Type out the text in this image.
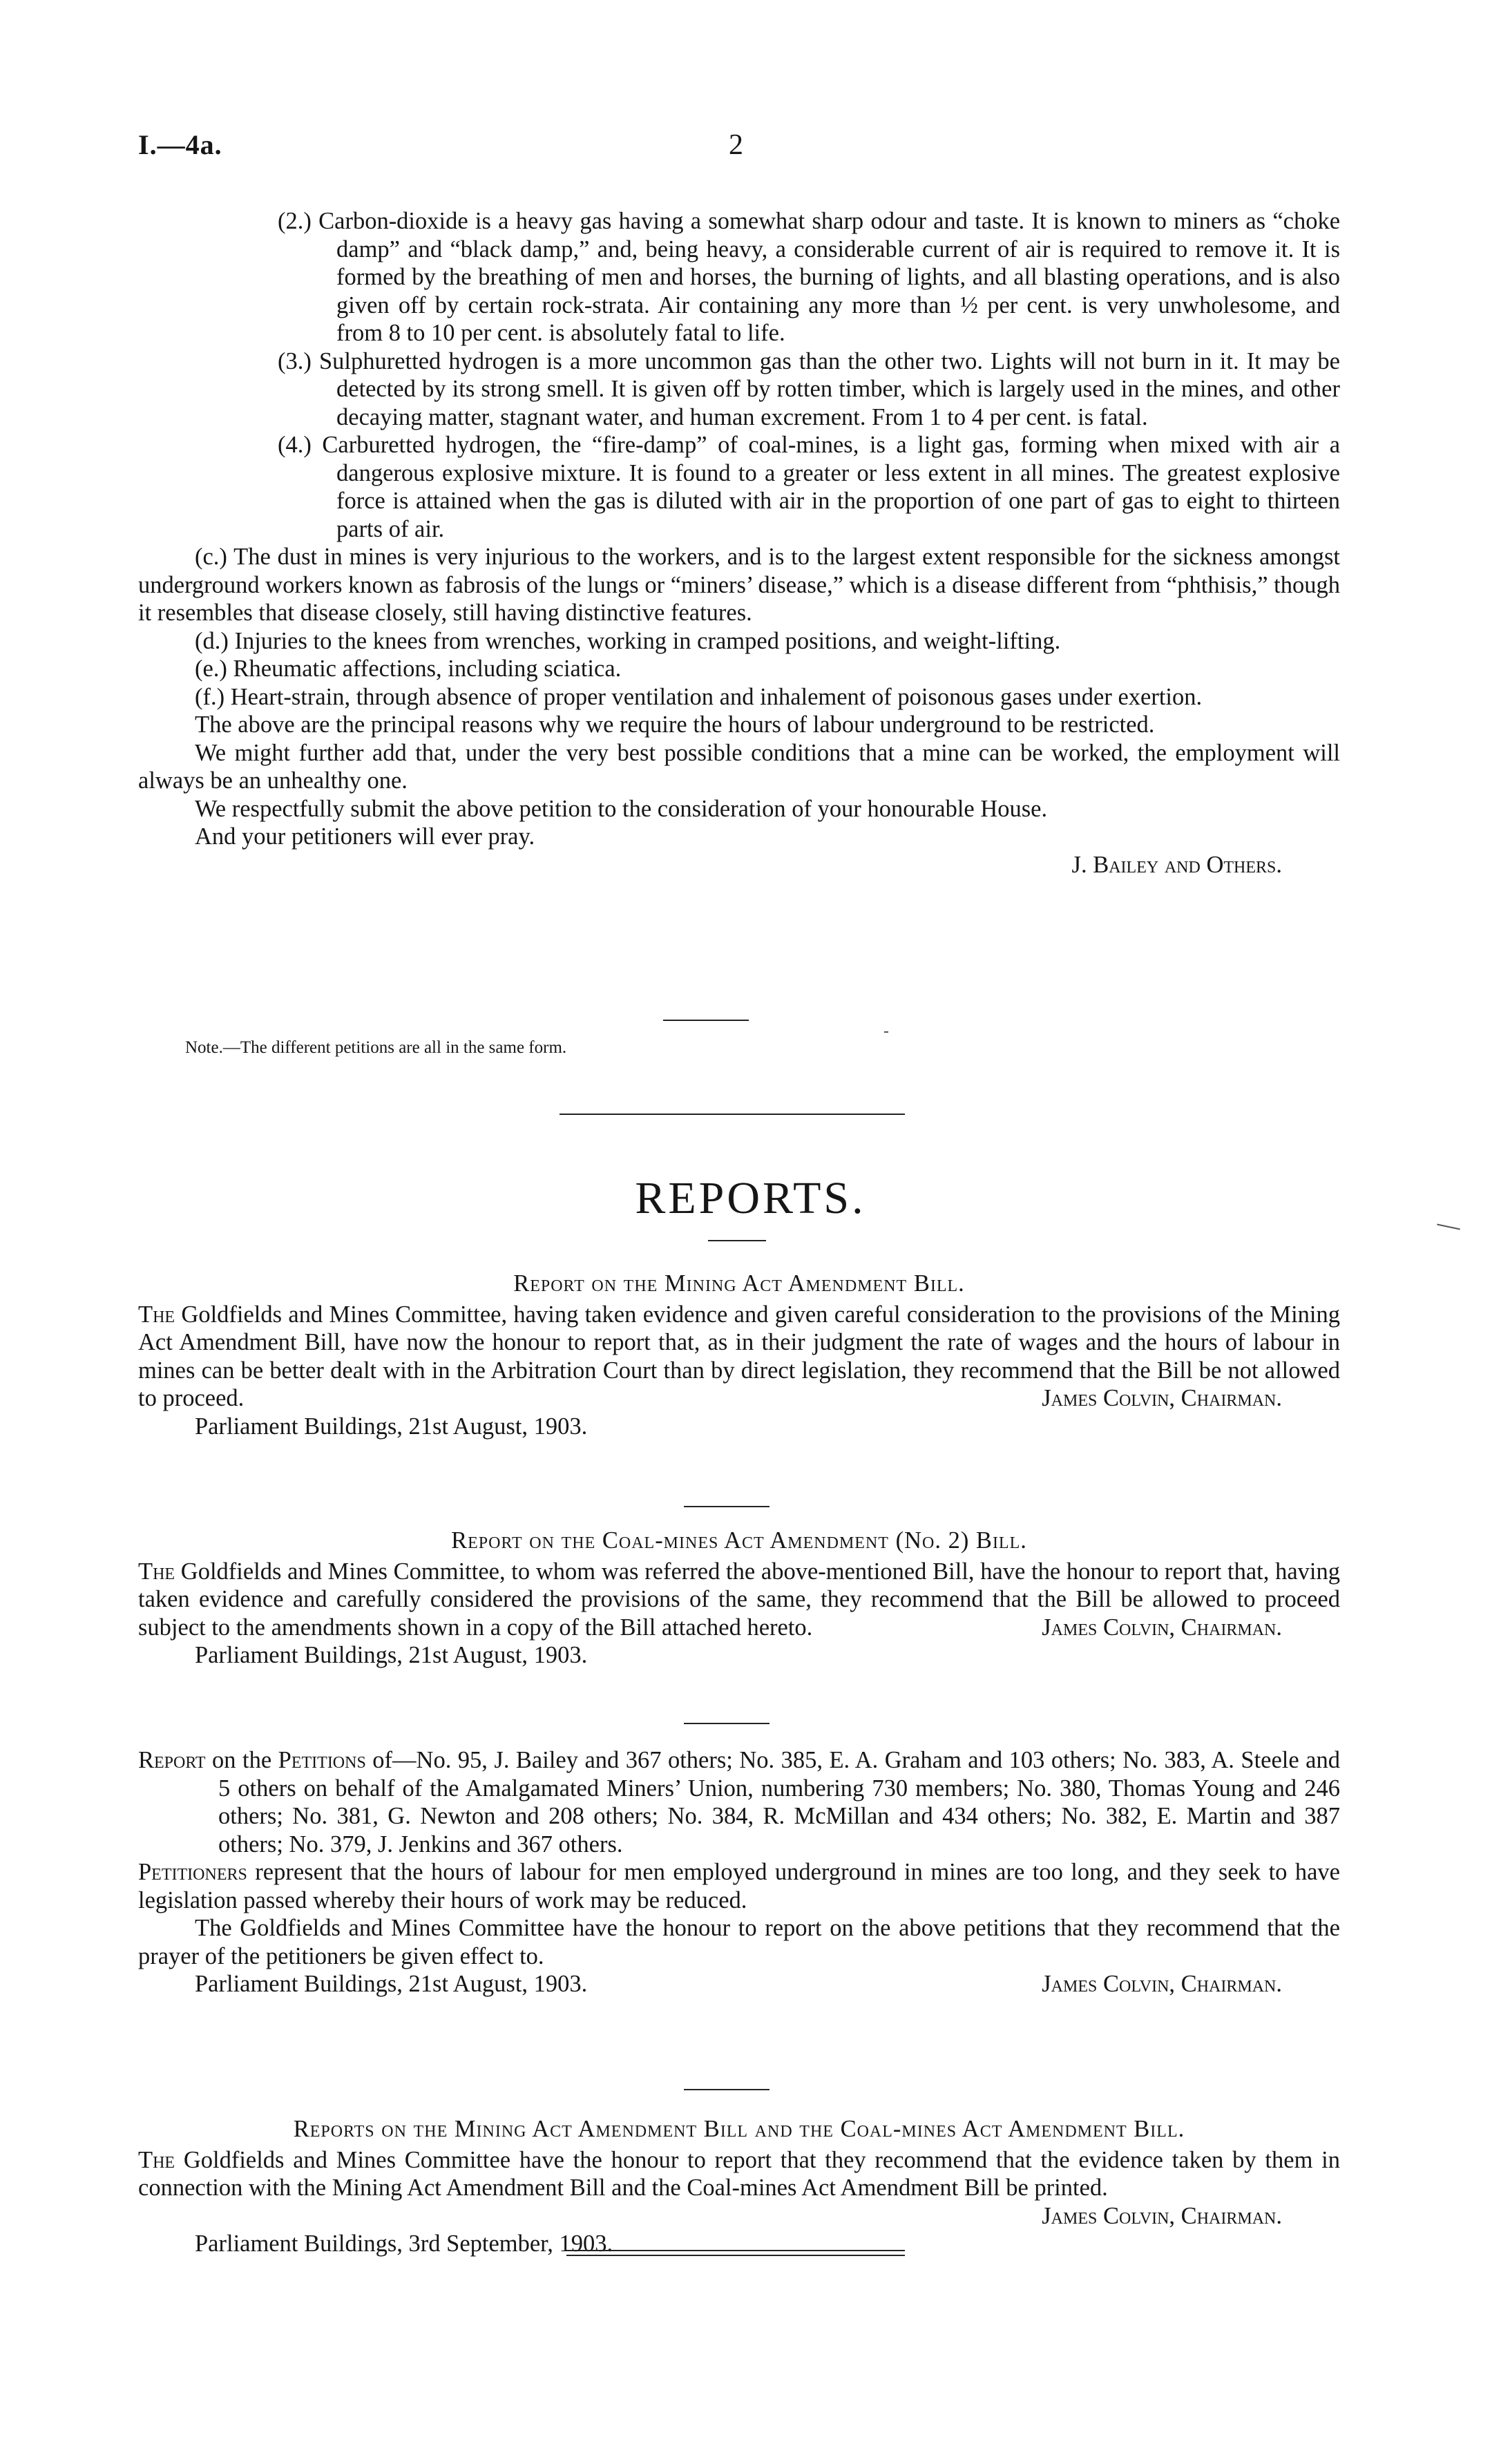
I.—4a.	2

(2.) Carbon-dioxide is a heavy gas having a somewhat sharp odour and taste. It is known to miners as “choke damp” and “black damp,” and, being heavy, a considerable current of air is required to remove it. It is formed by the breathing of men and horses, the burning of lights, and all blasting operations, and is also given off by certain rock-strata. Air containing any more than ½ per cent. is very unwholesome, and from 8 to 10 per cent. is absolutely fatal to life.

(3.) Sulphuretted hydrogen is a more uncommon gas than the other two. Lights will not burn in it. It may be detected by its strong smell. It is given off by rotten timber, which is largely used in the mines, and other decaying matter, stagnant water, and human excrement. From 1 to 4 per cent. is fatal.

(4.) Carburetted hydrogen, the “fire-damp” of coal-mines, is a light gas, forming when mixed with air a dangerous explosive mixture. It is found to a greater or less extent in all mines. The greatest explosive force is attained when the gas is diluted with air in the proportion of one part of gas to eight to thirteen parts of air.

(c.) The dust in mines is very injurious to the workers, and is to the largest extent responsible for the sickness amongst underground workers known as fabrosis of the lungs or “miners’ disease,” which is a disease different from “phthisis,” though it resembles that disease closely, still having distinctive features.

(d.) Injuries to the knees from wrenches, working in cramped positions, and weight-lifting.

(e.) Rheumatic affections, including sciatica.

(f.) Heart-strain, through absence of proper ventilation and inhalement of poisonous gases under exertion.

The above are the principal reasons why we require the hours of labour underground to be restricted.

We might further add that, under the very best possible conditions that a mine can be worked, the employment will always be an unhealthy one.

We respectfully submit the above petition to the consideration of your honourable House.

And your petitioners will ever pray.

J. Bailey and Others.

Note.—The different petitions are all in the same form.

REPORTS.

Report on the Mining Act Amendment Bill.

The Goldfields and Mines Committee, having taken evidence and given careful consideration to the provisions of the Mining Act Amendment Bill, have now the honour to report that, as in their judgment the rate of wages and the hours of labour in mines can be better dealt with in the Arbitration Court than by direct legislation, they recommend that the Bill be not allowed to proceed.	James Colvin, Chairman.

Parliament Buildings, 21st August, 1903.

Report on the Coal-mines Act Amendment (No. 2) Bill.

The Goldfields and Mines Committee, to whom was referred the above-mentioned Bill, have the honour to report that, having taken evidence and carefully considered the provisions of the same, they recommend that the Bill be allowed to proceed subject to the amendments shown in a copy of the Bill attached hereto.	James Colvin, Chairman.

Parliament Buildings, 21st August, 1903.

Report on the Petitions of—No. 95, J. Bailey and 367 others; No. 385, E. A. Graham and 103 others; No. 383, A. Steele and 5 others on behalf of the Amalgamated Miners’ Union, numbering 730 members; No. 380, Thomas Young and 246 others; No. 381, G. Newton and 208 others; No. 384, R. McMillan and 434 others; No. 382, E. Martin and 387 others; No. 379, J. Jenkins and 367 others.

Petitioners represent that the hours of labour for men employed underground in mines are too long, and they seek to have legislation passed whereby their hours of work may be reduced.

The Goldfields and Mines Committee have the honour to report on the above petitions that they recommend that the prayer of the petitioners be given effect to.

Parliament Buildings, 21st August, 1903.	James Colvin, Chairman.

Reports on the Mining Act Amendment Bill and the Coal-mines Act Amendment Bill.

The Goldfields and Mines Committee have the honour to report that they recommend that the evidence taken by them in connection with the Mining Act Amendment Bill and the Coal-mines Act Amendment Bill be printed.
James Colvin, Chairman.

Parliament Buildings, 3rd September, 1903.
